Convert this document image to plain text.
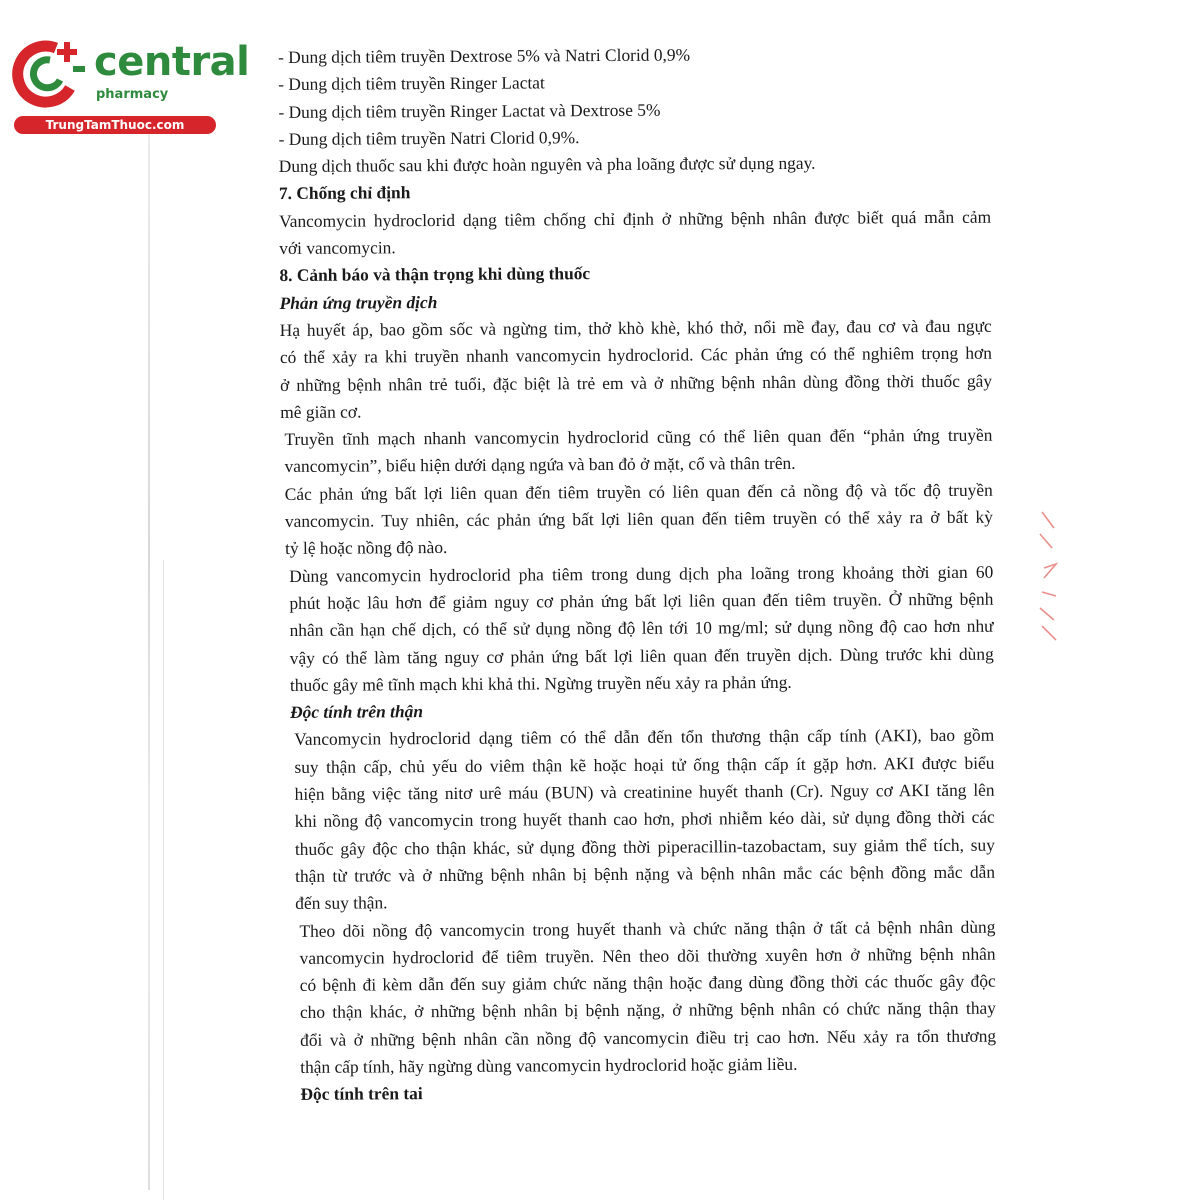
central
pharmacy
TrungTamThuoc.com

- Dung dịch tiêm truyền Dextrose 5% và Natri Clorid 0,9%

- Dung dịch tiêm truyền Ringer Lactat

- Dung dịch tiêm truyền Ringer Lactat và Dextrose 5%

- Dung dịch tiêm truyền Natri Clorid 0,9%.

Dung dịch thuốc sau khi được hoàn nguyên và pha loãng được sử dụng ngay.

7. Chống chỉ định

Vancomycin hydroclorid dạng tiêm chống chỉ định ở những bệnh nhân được biết quá mẫn cảm

với vancomycin.

8. Cảnh báo và thận trọng khi dùng thuốc

Phản ứng truyền dịch

Hạ huyết áp, bao gồm sốc và ngừng tim, thở khò khè, khó thở, nổi mề đay, đau cơ và đau ngực

có thể xảy ra khi truyền nhanh vancomycin hydroclorid. Các phản ứng có thể nghiêm trọng hơn

ở những bệnh nhân trẻ tuổi, đặc biệt là trẻ em và ở những bệnh nhân dùng đồng thời thuốc gây

mê giãn cơ.

Truyền tĩnh mạch nhanh vancomycin hydroclorid cũng có thể liên quan đến “phản ứng truyền

vancomycin”, biểu hiện dưới dạng ngứa và ban đỏ ở mặt, cổ và thân trên.

Các phản ứng bất lợi liên quan đến tiêm truyền có liên quan đến cả nồng độ và tốc độ truyền

vancomycin. Tuy nhiên, các phản ứng bất lợi liên quan đến tiêm truyền có thể xảy ra ở bất kỳ

tỷ lệ hoặc nồng độ nào.

Dùng vancomycin hydroclorid pha tiêm trong dung dịch pha loãng trong khoảng thời gian 60

phút hoặc lâu hơn để giảm nguy cơ phản ứng bất lợi liên quan đến tiêm truyền. Ở những bệnh

nhân cần hạn chế dịch, có thể sử dụng nồng độ lên tới 10 mg/ml; sử dụng nồng độ cao hơn như

vậy có thể làm tăng nguy cơ phản ứng bất lợi liên quan đến truyền dịch. Dùng trước khi dùng

thuốc gây mê tĩnh mạch khi khả thi. Ngừng truyền nếu xảy ra phản ứng.

Độc tính trên thận

Vancomycin hydroclorid dạng tiêm có thể dẫn đến tổn thương thận cấp tính (AKI), bao gồm

suy thận cấp, chủ yếu do viêm thận kẽ hoặc hoại tử ống thận cấp ít gặp hơn. AKI được biểu

hiện bằng việc tăng nitơ urê máu (BUN) và creatinine huyết thanh (Cr). Nguy cơ AKI tăng lên

khi nồng độ vancomycin trong huyết thanh cao hơn, phơi nhiễm kéo dài, sử dụng đồng thời các

thuốc gây độc cho thận khác, sử dụng đồng thời piperacillin-tazobactam, suy giảm thể tích, suy

thận từ trước và ở những bệnh nhân bị bệnh nặng và bệnh nhân mắc các bệnh đồng mắc dẫn

đến suy thận.

Theo dõi nồng độ vancomycin trong huyết thanh và chức năng thận ở tất cả bệnh nhân dùng

vancomycin hydroclorid để tiêm truyền. Nên theo dõi thường xuyên hơn ở những bệnh nhân

có bệnh đi kèm dẫn đến suy giảm chức năng thận hoặc đang dùng đồng thời các thuốc gây độc

cho thận khác, ở những bệnh nhân bị bệnh nặng, ở những bệnh nhân có chức năng thận thay

đổi và ở những bệnh nhân cần nồng độ vancomycin điều trị cao hơn. Nếu xảy ra tổn thương

thận cấp tính, hãy ngừng dùng vancomycin hydroclorid hoặc giảm liều.

Độc tính trên tai
